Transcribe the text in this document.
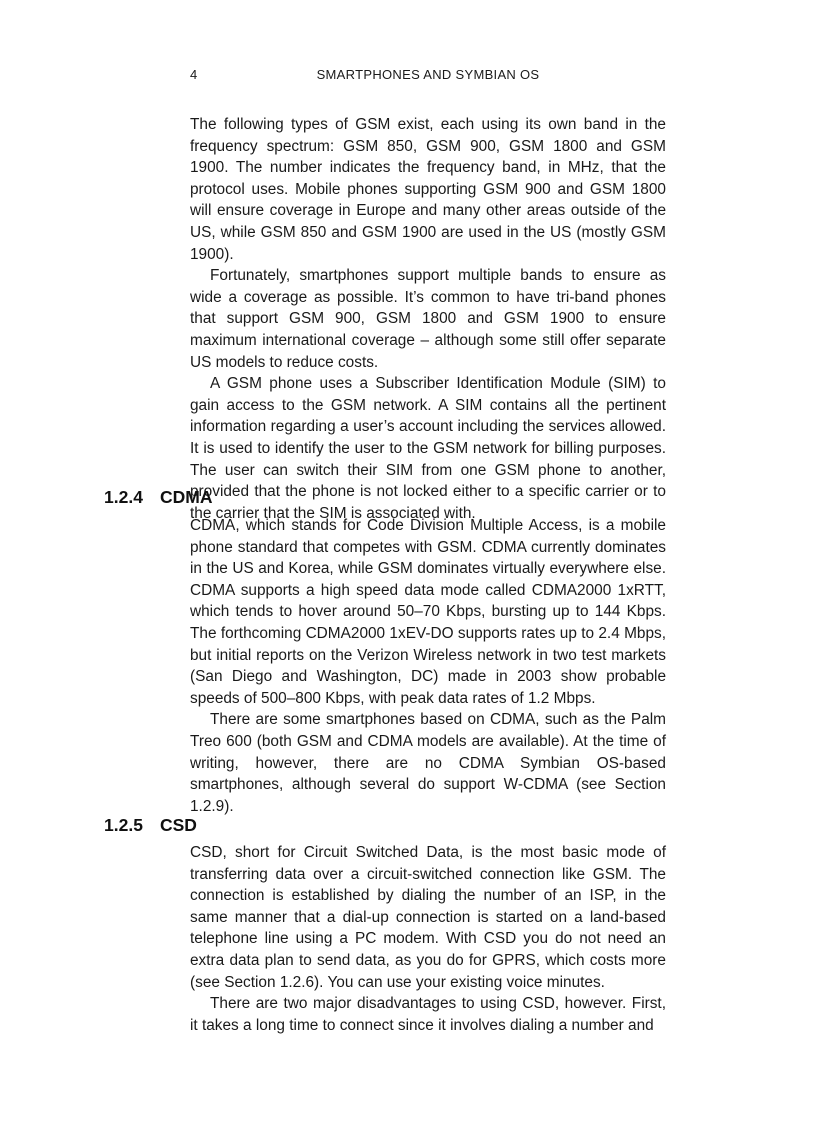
4	SMARTPHONES AND SYMBIAN OS

The following types of GSM exist, each using its own band in the frequency spectrum: GSM 850, GSM 900, GSM 1800 and GSM 1900. The number indicates the frequency band, in MHz, that the protocol uses. Mobile phones supporting GSM 900 and GSM 1800 will ensure coverage in Europe and many other areas outside of the US, while GSM 850 and GSM 1900 are used in the US (mostly GSM 1900).

Fortunately, smartphones support multiple bands to ensure as wide a coverage as possible. It’s common to have tri-band phones that support GSM 900, GSM 1800 and GSM 1900 to ensure maximum international coverage – although some still offer separate US models to reduce costs.

A GSM phone uses a Subscriber Identification Module (SIM) to gain access to the GSM network. A SIM contains all the pertinent information regarding a user’s account including the services allowed. It is used to identify the user to the GSM network for billing purposes. The user can switch their SIM from one GSM phone to another, provided that the phone is not locked either to a specific carrier or to the carrier that the SIM is associated with.

1.2.4 CDMA

CDMA, which stands for Code Division Multiple Access, is a mobile phone standard that competes with GSM. CDMA currently dominates in the US and Korea, while GSM dominates virtually everywhere else. CDMA supports a high speed data mode called CDMA2000 1xRTT, which tends to hover around 50–70 Kbps, bursting up to 144 Kbps. The forthcoming CDMA2000 1xEV-DO supports rates up to 2.4 Mbps, but initial reports on the Verizon Wireless network in two test markets (San Diego and Washington, DC) made in 2003 show probable speeds of 500–800 Kbps, with peak data rates of 1.2 Mbps.

There are some smartphones based on CDMA, such as the Palm Treo 600 (both GSM and CDMA models are available). At the time of writing, however, there are no CDMA Symbian OS-based smartphones, although several do support W-CDMA (see Section 1.2.9).

1.2.5 CSD

CSD, short for Circuit Switched Data, is the most basic mode of transferring data over a circuit-switched connection like GSM. The connection is established by dialing the number of an ISP, in the same manner that a dial-up connection is started on a land-based telephone line using a PC modem. With CSD you do not need an extra data plan to send data, as you do for GPRS, which costs more (see Section 1.2.6). You can use your existing voice minutes.

There are two major disadvantages to using CSD, however. First, it takes a long time to connect since it involves dialing a number and
